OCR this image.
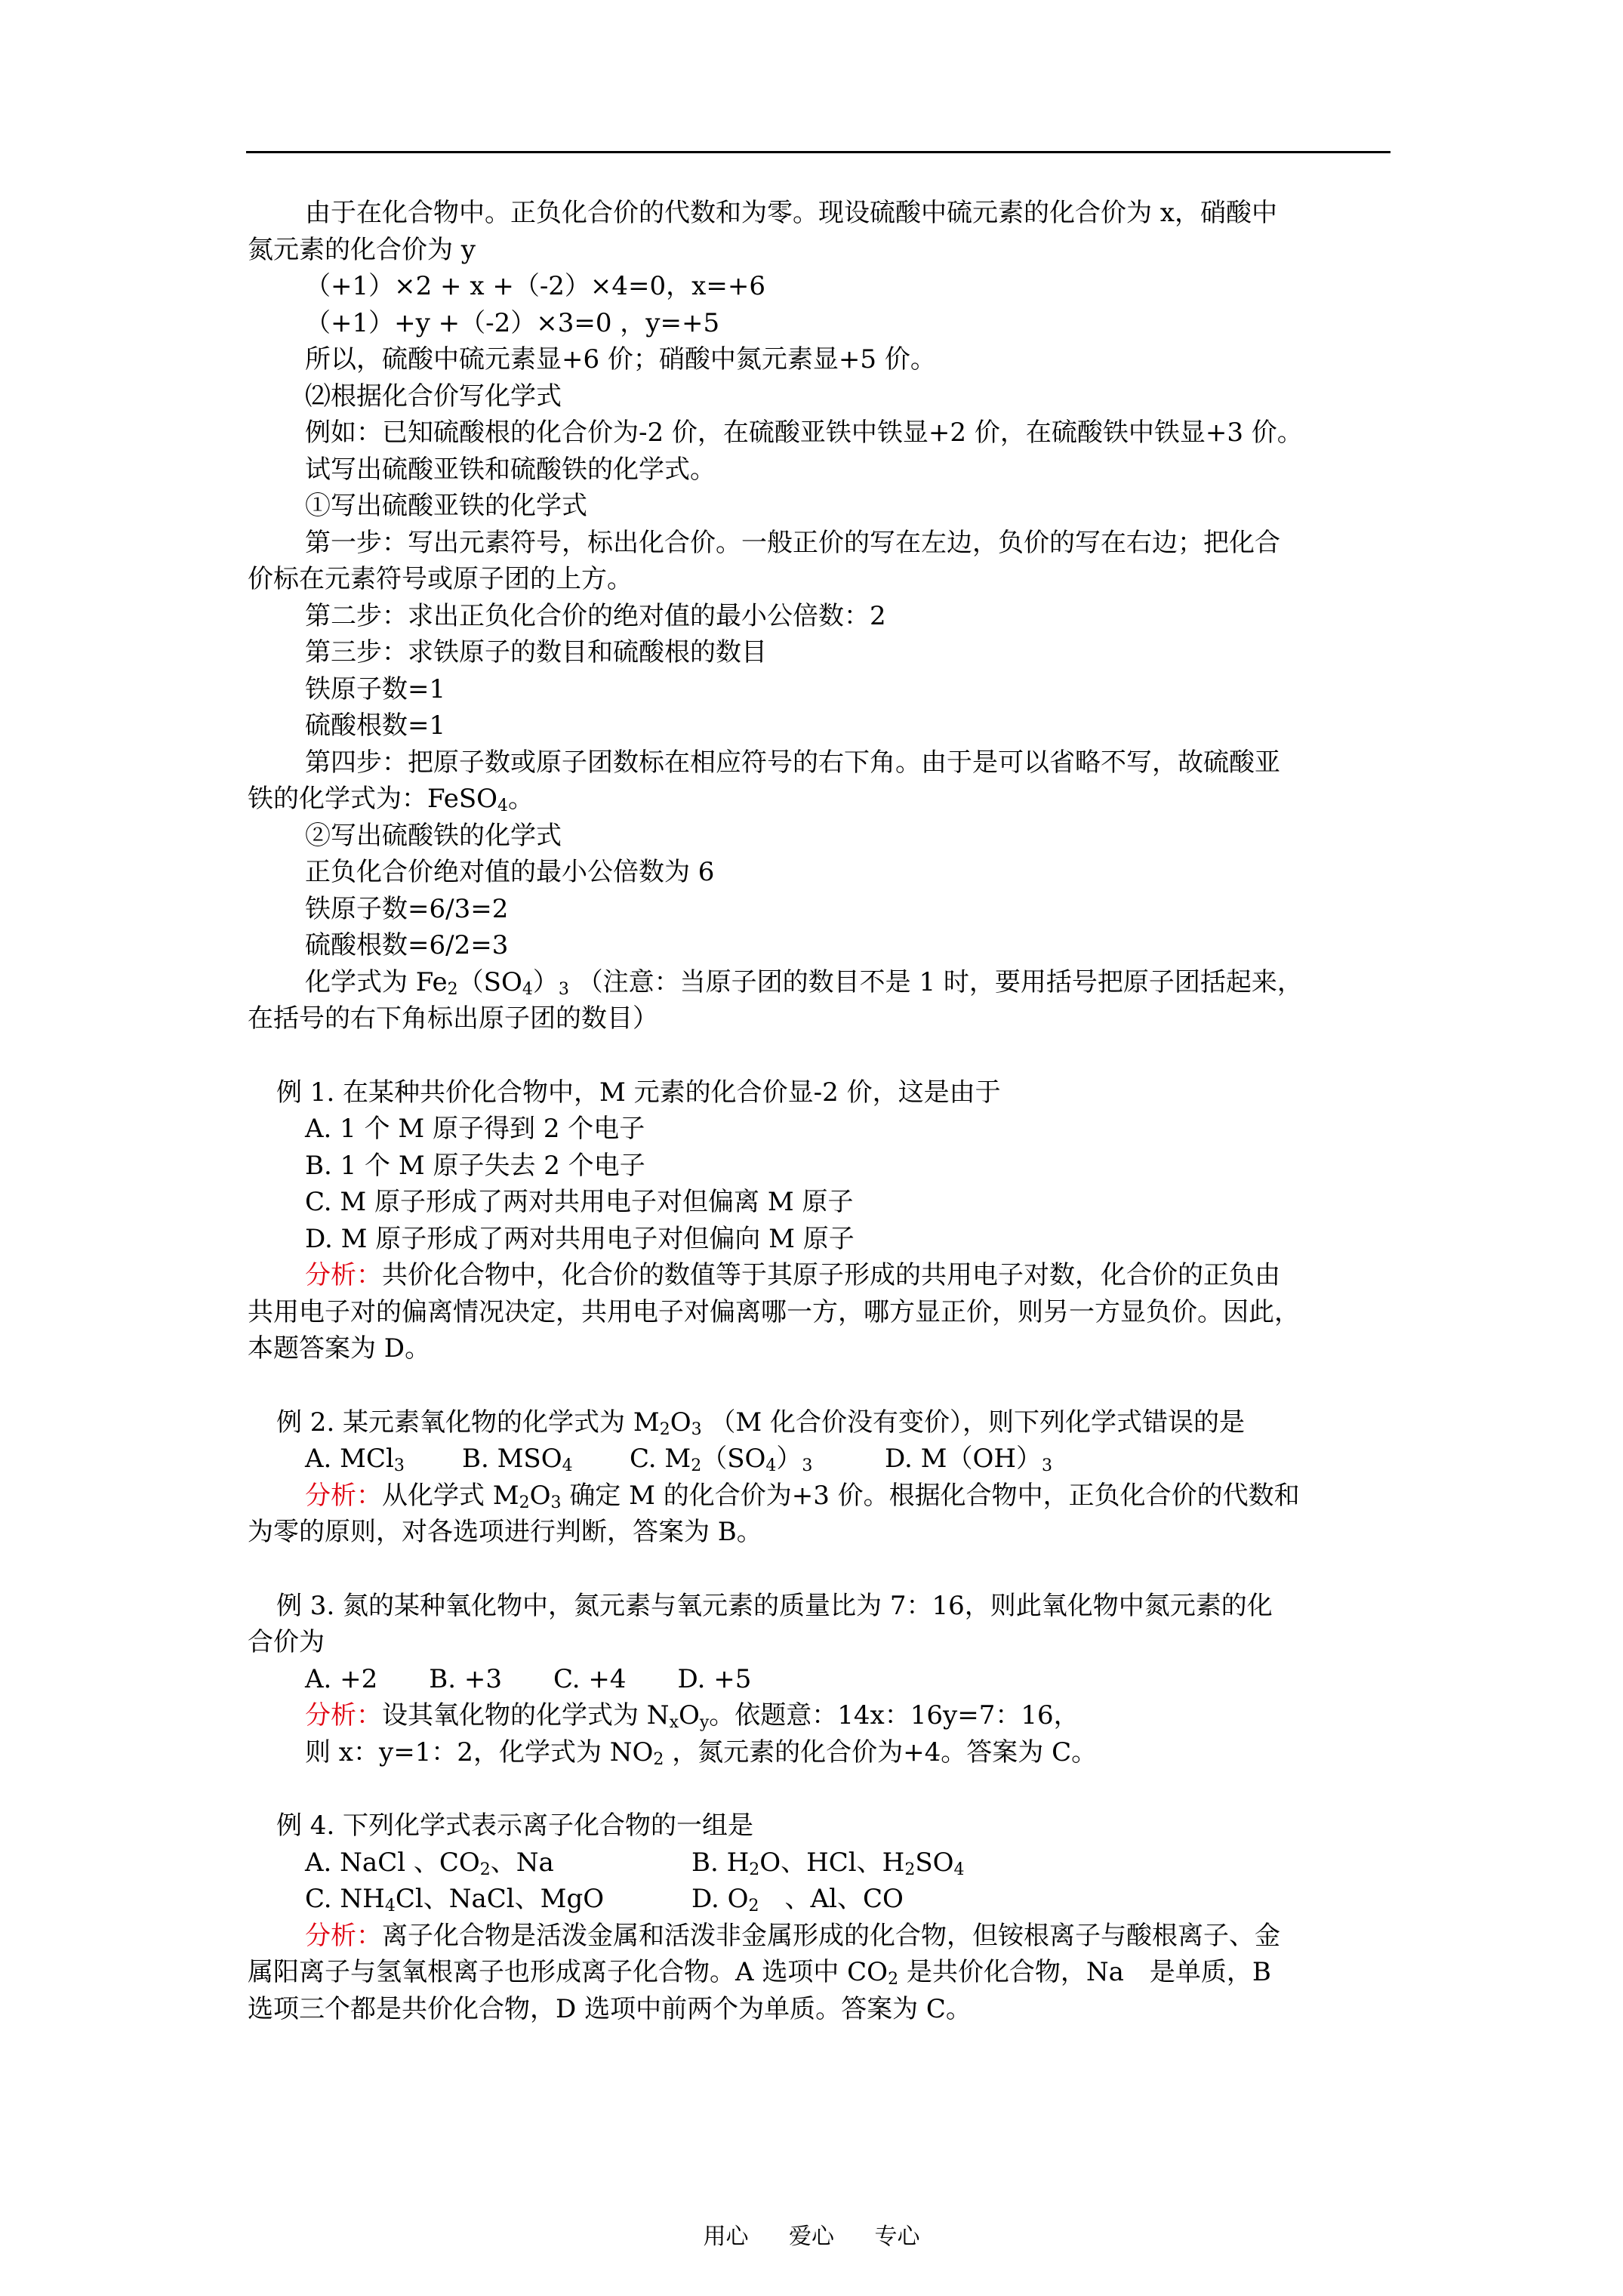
由于在化合物中。正负化合价的代数和为零。现设硫酸中硫元素的化合价为 x，硝酸中
氮元素的化合价为 y
（+1）×2 + x +（-2）×4=0，x=+6
（+1）+y +（-2）×3=0 ，y=+5
所以，硫酸中硫元素显+6 价；硝酸中氮元素显+5 价。
⑵根据化合价写化学式
例如：已知硫酸根的化合价为-2 价，在硫酸亚铁中铁显+2 价，在硫酸铁中铁显+3 价。
试写出硫酸亚铁和硫酸铁的化学式。
①写出硫酸亚铁的化学式
第一步：写出元素符号，标出化合价。一般正价的写在左边，负价的写在右边；把化合
价标在元素符号或原子团的上方。
第二步：求出正负化合价的绝对值的最小公倍数：2
第三步：求铁原子的数目和硫酸根的数目
铁原子数=1
硫酸根数=1
第四步：把原子数或原子团数标在相应符号的右下角。由于是可以省略不写，故硫酸亚
铁的化学式为：FeSO$_4$。
②写出硫酸铁的化学式
正负化合价绝对值的最小公倍数为 6
铁原子数=6/3=2
硫酸根数=6/2=3
化学式为 $Fe_2(SO_4)_3$ （注意：当原子团的数目不是 1 时，要用括号把原子团括起来，
在括号的右下角标出原子团的数目）
例 1. 在某种共价化合物中，M 元素的化合价显-2 价，这是由于
A. 1 个 M 原子得到 2 个电子
B. 1 个 M 原子失去 2 个电子
C. M 原子形成了两对共用电子对但偏离 M 原子
D. M 原子形成了两对共用电子对但偏向 M 原子
分析：共价化合物中，化合价的数值等于其原子形成的共用电子对数，化合价的正负由
共用电子对的偏离情况决定，共用电子对偏离哪一方，哪方显正价，则另一方显负价。因此，
本题答案为 D。
例 2. 某元素氧化物的化学式为 $M_2O_3$ （M 化合价没有变价），则下列化学式错误的是
A. MCl$_3$ B. $MSO_4$ C. $M_2(SO_4)_3$	D. $M(OH)_3$
分析：从化学式 $M_2O_3$ 确定 M 的化合价为+3 价。根据化合物中，正负化合价的代数和
为零的原则，对各选项进行判断，答案为 B。
例 3. 氮的某种氧化物中，氮元素与氧元素的质量比为 7：16，则此氧化物中氮元素的化
合价为
A. +2　　B. +3　　C. +4　　D. +5
分析：设其氧化物的化学式为 $N_xO_y$。依题意：14x：16y=7：16，
则 x：y=1：2，化学式为 $NO_2$ ，氮元素的化合价为+4。答案为 C。
例 4. 下列化学式表示离子化合物的一组是
A. NaCl 、$CO_2$、Na	B. $H_2O$、HCl、$H_2SO_4$
C. $NH_4Cl$、NaCl、MgO	D. $O_2$　 、Al、CO
分析：离子化合物是活泼金属和活泼非金属形成的化合物，但铵根离子与酸根离子、金
属阳离子与氢氧根离子也形成离子化合物。A 选项中 $CO_2$ 是共价化合物，Na　是单质，B
选项三个都是共价化合物，D 选项中前两个为单质。答案为 C。
用心 爱心 专心
